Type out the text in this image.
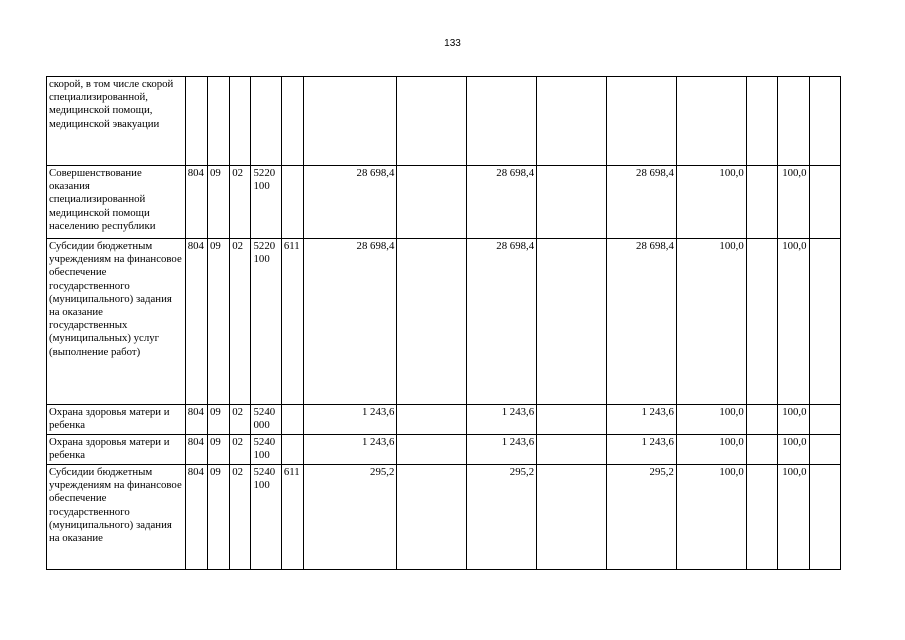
133
скорой, в том числе скорой специализированной, медицинской помощи, медицинской эвакуации														
Совершенствование оказания специализированной медицинской помощи населению республики	804	09	02	5220 100		28 698,4		28 698,4		28 698,4	100,0		100,0	
Субсидии бюджетным учреждениям на финансовое обеспечение государственного (муниципального) задания на оказание государственных (муниципальных) услуг (выполнение работ)	804	09	02	5220 100	611	28 698,4		28 698,4		28 698,4	100,0		100,0	
Охрана здоровья матери и ребенка	804	09	02	5240 000		1 243,6		1 243,6		1 243,6	100,0		100,0	
Охрана здоровья матери и ребенка	804	09	02	5240 100		1 243,6		1 243,6		1 243,6	100,0		100,0	
Субсидии бюджетным учреждениям на финансовое обеспечение государственного (муниципального) задания на оказание	804	09	02	5240 100	611	295,2		295,2		295,2	100,0		100,0	
